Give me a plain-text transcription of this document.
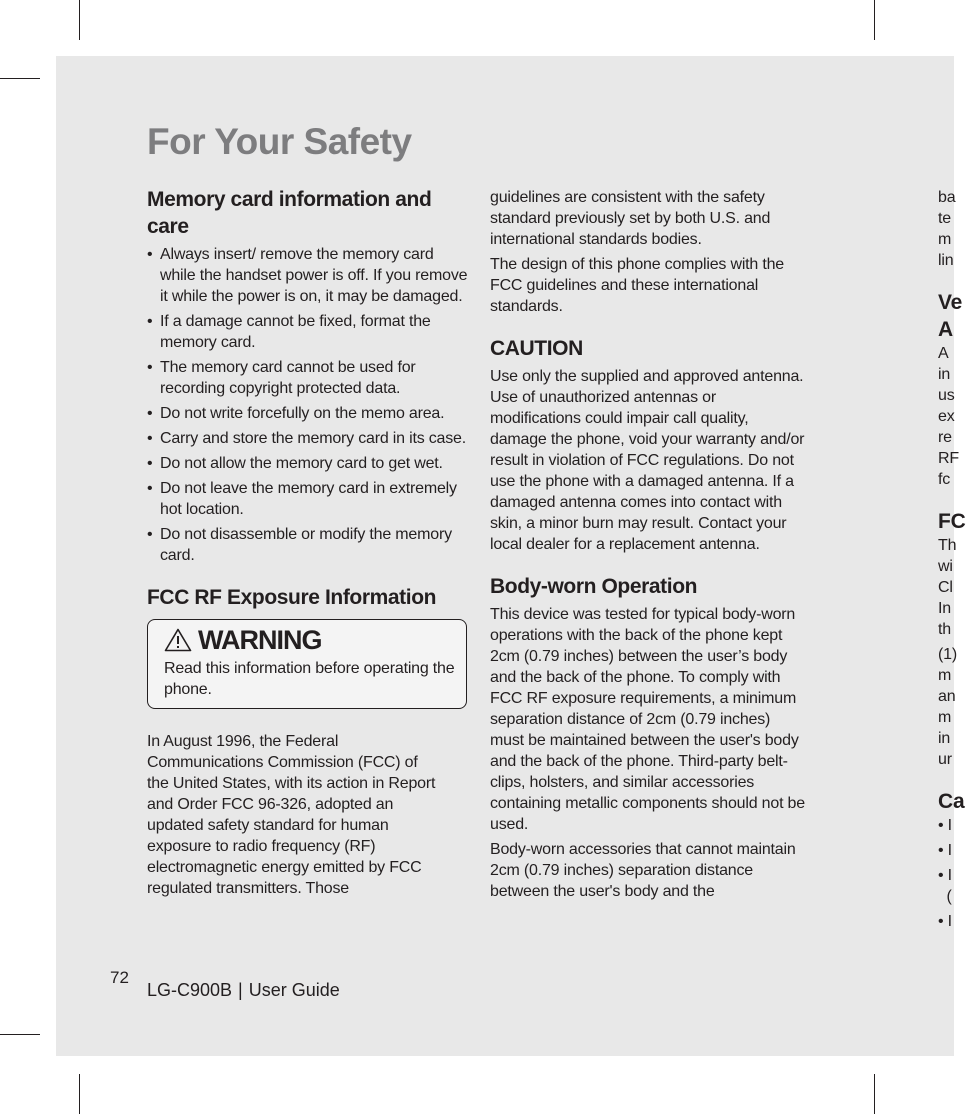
For Your Safety
Memory card information and care
• Always insert/ remove the memory card while the handset power is off. If you remove it while the power is on, it may be damaged.
• If a damage cannot be fixed, format the memory card.
• The memory card cannot be used for recording copyright protected data.
• Do not write forcefully on the memo area.
• Carry and store the memory card in its case.
• Do not allow the memory card to get wet.
• Do not leave the memory card in extremely hot location.
• Do not disassemble or modify the memory card.
FCC RF Exposure Information
WARNING
Read this information before operating the phone.

In August 1996, the Federal Communications Commission (FCC) of the United States, with its action in Report and Order FCC 96-326, adopted an updated safety standard for human exposure to radio frequency (RF) electromagnetic energy emitted by FCC regulated transmitters. Those

guidelines are consistent with the safety standard previously set by both U.S. and international standards bodies.

The design of this phone complies with the FCC guidelines and these international standards.

CAUTION

Use only the supplied and approved antenna. Use of unauthorized antennas or modifications could impair call quality, damage the phone, void your warranty and/or result in violation of FCC regulations. Do not use the phone with a damaged antenna. If a damaged antenna comes into contact with skin, a minor burn may result. Contact your local dealer for a replacement antenna.

Body-worn Operation

This device was tested for typical body-worn operations with the back of the phone kept 2cm (0.79 inches) between the user’s body and the back of the phone. To comply with FCC RF exposure requirements, a minimum separation distance of 2cm (0.79 inches) must be maintained between the user's body and the back of the phone. Third-party belt-clips, holsters, and similar accessories containing metallic components should not be used.

Body-worn accessories that cannot maintain 2cm (0.79 inches) separation distance between the user's body and the

ba
te
m
lin
Ve
A
A
in
us
ex
re
RF
fc
FC
Th
wi
Cl
In
th
(1)
m
an
m
in
ur
Ca
• I
• I
• I
(
• I
72
LG-C900B | User Guide
